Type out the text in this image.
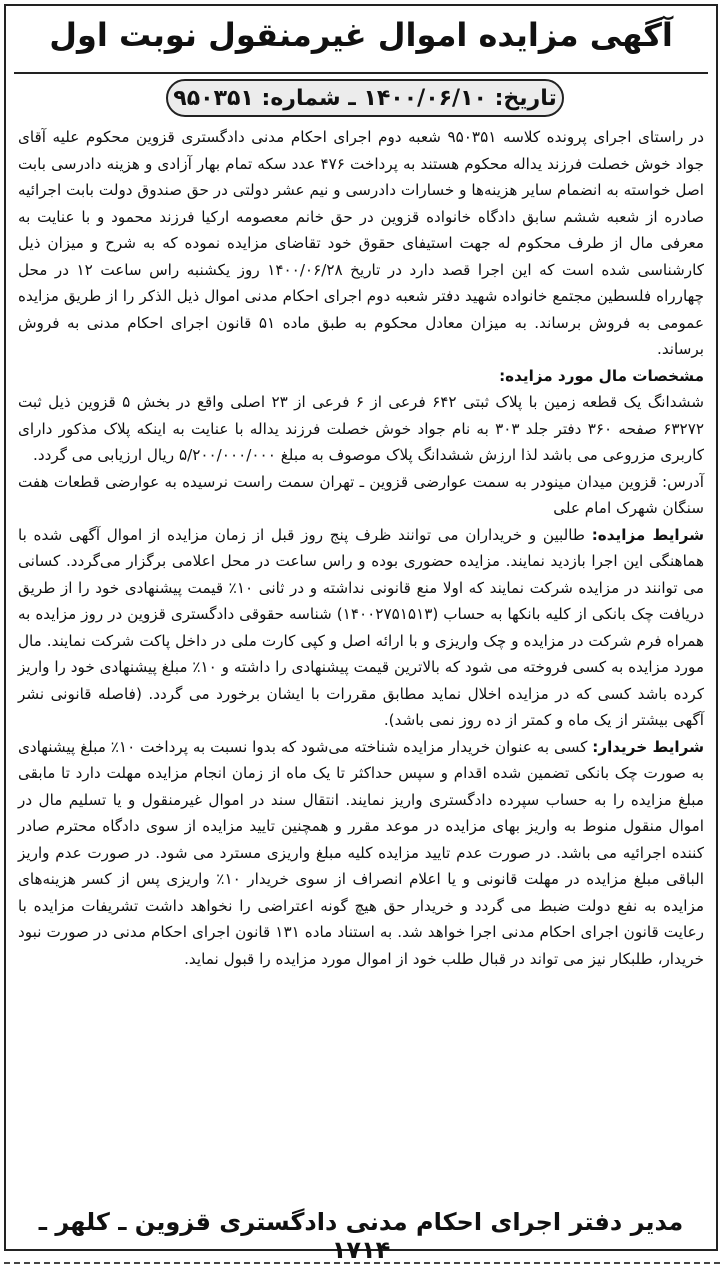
آگهی مزایده اموال غیرمنقول نوبت اول
تاریخ: ۱۴۰۰/۰۶/۱۰ ـ شماره: ۹۵۰۳۵۱

در راستای اجرای پرونده کلاسه ۹۵۰۳۵۱ شعبه دوم اجرای احکام مدنی دادگستری قزوین محکوم علیه آقای جواد خوش خصلت فرزند یداله محکوم هستند به پرداخت ۴۷۶ عدد سکه تمام بهار آزادی و هزینه دادرسی بابت اصل خواسته به انضمام سایر هزینه‌ها و خسارات دادرسی و نیم عشر دولتی در حق صندوق دولت بابت اجرائیه صادره از شعبه ششم سابق دادگاه خانواده قزوین در حق خانم معصومه ارکیا فرزند محمود و با عنایت به معرفی مال از طرف محکوم له جهت استیفای حقوق خود تقاضای مزایده نموده که به شرح و میزان ذیل کارشناسی شده است که این اجرا قصد دارد در تاریخ ۱۴۰۰/۰۶/۲۸ روز یکشنبه راس ساعت ۱۲ در محل چهارراه فلسطین مجتمع خانواده شهید دفتر شعبه دوم اجرای احکام مدنی اموال ذیل الذکر را از طریق مزایده عمومی به فروش برساند. به میزان معادل محکوم به طبق ماده ۵۱ قانون اجرای احکام مدنی به فروش برساند.

مشخصات مال مورد مزایده:
ششدانگ یک قطعه زمین با پلاک ثبتی ۶۴۲ فرعی از ۶ فرعی از ۲۳ اصلی واقع در بخش ۵ قزوین ذیل ثبت ۶۳۲۷۲ صفحه ۳۶۰ دفتر جلد ۳۰۳ به نام جواد خوش خصلت فرزند یداله با عنایت به اینکه پلاک مذکور دارای کاربری مزروعی می باشد لذا ارزش ششدانگ پلاک موصوف به مبلغ ۵/۲۰۰/۰۰۰/۰۰۰ ریال ارزیابی می گردد.

آدرس: قزوین میدان مینودر به سمت عوارضی قزوین ـ تهران سمت راست نرسیده به عوارضی قطعات هفت سنگان شهرک امام علی

شرایط مزایده: طالبین و خریداران می توانند ظرف پنج روز قبل از زمان مزایده از اموال آگهی شده با هماهنگی این اجرا بازدید نمایند. مزایده حضوری بوده و راس ساعت در محل اعلامی برگزار می‌گردد. کسانی می توانند در مزایده شرکت نمایند که اولا منع قانونی نداشته و در ثانی ۱۰٪ قیمت پیشنهادی خود را از طریق دریافت چک بانکی از کلیه بانکها به حساب (۱۴۰۰۲۷۵۱۵۱۳) شناسه حقوقی دادگستری قزوین در روز مزایده به همراه فرم شرکت در مزایده و چک واریزی و با ارائه اصل و کپی کارت ملی در داخل پاکت شرکت نمایند. مال مورد مزایده به کسی فروخته می شود که بالاترین قیمت پیشنهادی را داشته و ۱۰٪ مبلغ پیشنهادی خود را واریز کرده باشد کسی که در مزایده اخلال نماید مطابق مقررات با ایشان برخورد می گردد. (فاصله قانونی نشر آگهی بیشتر از یک ماه و کمتر از ده روز نمی باشد).

شرایط خریدار: کسی به عنوان خریدار مزایده شناخته می‌شود که بدوا نسبت به پرداخت ۱۰٪ مبلغ پیشنهادی به صورت چک بانکی تضمین شده اقدام و سپس حداکثر تا یک ماه از زمان انجام مزایده مهلت دارد تا مابقی مبلغ مزایده را به حساب سپرده دادگستری واریز نمایند. انتقال سند در اموال غیرمنقول و یا تسلیم مال در اموال منقول منوط به واریز بهای مزایده در موعد مقرر و همچنین تایید مزایده از سوی دادگاه محترم صادر کننده اجرائیه می باشد. در صورت عدم تایید مزایده کلیه مبلغ واریزی مسترد می شود. در صورت عدم واریز الباقی مبلغ مزایده در مهلت قانونی و یا اعلام انصراف از سوی خریدار ۱۰٪ واریزی پس از کسر هزینه‌های مزایده به نفع دولت ضبط می گردد و خریدار حق هیچ گونه اعتراضی را نخواهد داشت تشریفات مزایده با رعایت قانون اجرای احکام مدنی اجرا خواهد شد. به استناد ماده ۱۳۱ قانون اجرای احکام مدنی در صورت نبود خریدار، طلبکار نیز می تواند در قبال طلب خود از اموال مورد مزایده را قبول نماید.

مدیر دفتر اجرای احکام مدنی دادگستری قزوین ـ کلهر ـ ۱۷۱۴
